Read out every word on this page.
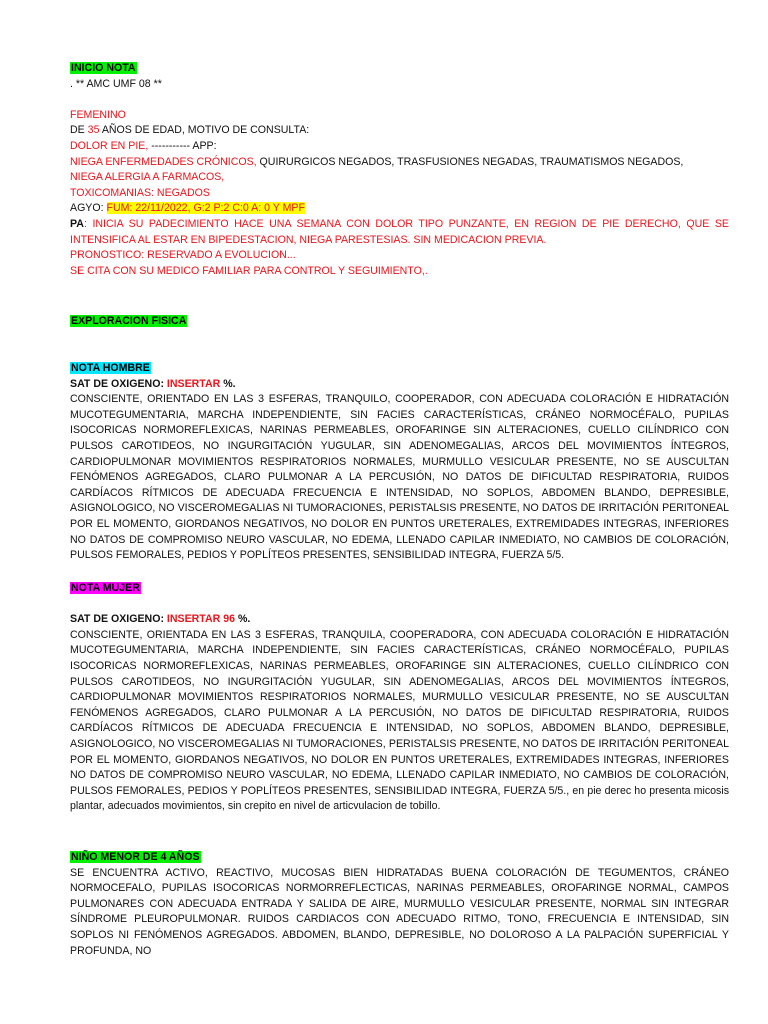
INICIO NOTA

. ** AMC UMF 08 **

FEMENINO

DE 35 AÑOS DE EDAD, MOTIVO DE CONSULTA:

DOLOR EN PIE, ----------- APP:

NIEGA ENFERMEDADES CRÓNICOS, QUIRURGICOS NEGADOS, TRASFUSIONES NEGADAS, TRAUMATISMOS NEGADOS,

NIEGA ALERGIA A FARMACOS,

TOXICOMANIAS: NEGADOS

AGYO: FUM: 22/11/2022, G:2 P:2 C:0 A: 0 Y MPF

PA: INICIA SU PADECIMIENTO HACE UNA SEMANA CON DOLOR TIPO PUNZANTE, EN REGION DE PIE DERECHO, QUE SE INTENSIFICA AL ESTAR EN BIPEDESTACION, NIEGA PARESTESIAS. SIN MEDICACION PREVIA.

PRONOSTICO: RESERVADO A EVOLUCION...

SE CITA CON SU MEDICO FAMILIAR PARA CONTROL Y SEGUIMIENTO,.

EXPLORACION FISICA

NOTA HOMBRE

SAT DE OXIGENO: INSERTAR %.

CONSCIENTE, ORIENTADO EN LAS 3 ESFERAS, TRANQUILO, COOPERADOR, CON ADECUADA COLORACIÓN E HIDRATACIÓN MUCOTEGUMENTARIA, MARCHA INDEPENDIENTE, SIN FACIES CARACTERÍSTICAS, CRÁNEO NORMOCÉFALO, PUPILAS ISOCORICAS NORMOREFLEXICAS, NARINAS PERMEABLES, OROFARINGE SIN ALTERACIONES, CUELLO CILÍNDRICO CON PULSOS CAROTIDEOS, NO INGURGITACIÓN YUGULAR, SIN ADENOMEGALIAS, ARCOS DEL MOVIMIENTOS ÍNTEGROS, CARDIOPULMONAR MOVIMIENTOS RESPIRATORIOS NORMALES, MURMULLO VESICULAR PRESENTE, NO SE AUSCULTAN FENÓMENOS AGREGADOS, CLARO PULMONAR A LA PERCUSIÓN, NO DATOS DE DIFICULTAD RESPIRATORIA, RUIDOS CARDÍACOS RÍTMICOS DE ADECUADA FRECUENCIA E INTENSIDAD, NO SOPLOS, ABDOMEN BLANDO, DEPRESIBLE, ASIGNOLOGICO, NO VISCEROMEGALIAS NI TUMORACIONES, PERISTALSIS PRESENTE, NO DATOS DE IRRITACIÓN PERITONEAL POR EL MOMENTO, GIORDANOS NEGATIVOS, NO DOLOR EN PUNTOS URETERALES, EXTREMIDADES INTEGRAS, INFERIORES NO DATOS DE COMPROMISO NEURO VASCULAR, NO EDEMA, LLENADO CAPILAR INMEDIATO, NO CAMBIOS DE COLORACIÓN, PULSOS FEMORALES, PEDIOS Y POPLÍTEOS PRESENTES, SENSIBILIDAD INTEGRA, FUERZA 5/5.

NOTA MUJER

SAT DE OXIGENO: INSERTAR 96 %.

CONSCIENTE, ORIENTADA EN LAS 3 ESFERAS, TRANQUILA, COOPERADORA, CON ADECUADA COLORACIÓN E HIDRATACIÓN MUCOTEGUMENTARIA, MARCHA INDEPENDIENTE, SIN FACIES CARACTERÍSTICAS, CRÁNEO NORMOCÉFALO, PUPILAS ISOCORICAS NORMOREFLEXICAS, NARINAS PERMEABLES, OROFARINGE SIN ALTERACIONES, CUELLO CILÍNDRICO CON PULSOS CAROTIDEOS, NO INGURGITACIÓN YUGULAR, SIN ADENOMEGALIAS, ARCOS DEL MOVIMIENTOS ÍNTEGROS, CARDIOPULMONAR MOVIMIENTOS RESPIRATORIOS NORMALES, MURMULLO VESICULAR PRESENTE, NO SE AUSCULTAN FENÓMENOS AGREGADOS, CLARO PULMONAR A LA PERCUSIÓN, NO DATOS DE DIFICULTAD RESPIRATORIA, RUIDOS CARDÍACOS RÍTMICOS DE ADECUADA FRECUENCIA E INTENSIDAD, NO SOPLOS, ABDOMEN BLANDO, DEPRESIBLE, ASIGNOLOGICO, NO VISCEROMEGALIAS NI TUMORACIONES, PERISTALSIS PRESENTE, NO DATOS DE IRRITACIÓN PERITONEAL POR EL MOMENTO, GIORDANOS NEGATIVOS, NO DOLOR EN PUNTOS URETERALES, EXTREMIDADES INTEGRAS, INFERIORES NO DATOS DE COMPROMISO NEURO VASCULAR, NO EDEMA, LLENADO CAPILAR INMEDIATO, NO CAMBIOS DE COLORACIÓN, PULSOS FEMORALES, PEDIOS Y POPLÍTEOS PRESENTES, SENSIBILIDAD INTEGRA, FUERZA 5/5., en pie derec ho presenta micosis plantar, adecuados movimientos, sin crepito en nivel de articvulacion de tobillo.

NIÑO MENOR DE 4 AÑOS

SE ENCUENTRA ACTIVO, REACTIVO, MUCOSAS BIEN HIDRATADAS BUENA COLORACIÓN DE TEGUMENTOS, CRÁNEO NORMOCEFALO, PUPILAS ISOCORICAS NORMORREFLECTICAS, NARINAS PERMEABLES, OROFARINGE NORMAL, CAMPOS PULMONARES CON ADECUADA ENTRADA Y SALIDA DE AIRE, MURMULLO VESICULAR PRESENTE, NORMAL SIN INTEGRAR SÍNDROME PLEUROPULMONAR. RUIDOS CARDIACOS CON ADECUADO RITMO, TONO, FRECUENCIA E INTENSIDAD, SIN SOPLOS NI FENÓMENOS AGREGADOS. ABDOMEN, BLANDO, DEPRESIBLE, NO DOLOROSO A LA PALPACIÓN SUPERFICIAL Y PROFUNDA, NO
